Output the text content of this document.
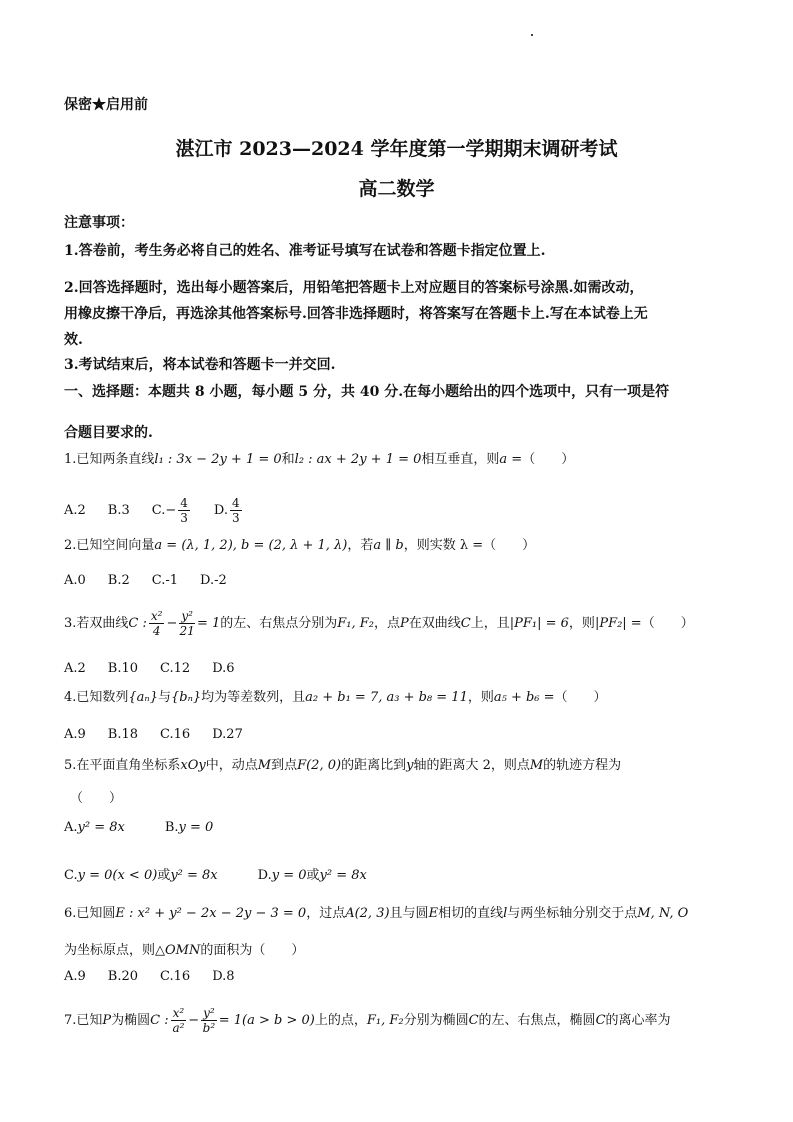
保密★启用前
湛江市 2023—2024 学年度第一学期期末调研考试
高二数学
注意事项：
1.答卷前，考生务必将自己的姓名、准考证号填写在试卷和答题卡指定位置上.
2.回答选择题时，选出每小题答案后，用铅笔把答题卡上对应题目的答案标号涂黑.如需改动，
用橡皮擦干净后，再选涂其他答案标号.回答非选择题时，将答案写在答题卡上.写在本试卷上无
效.
3.考试结束后，将本试卷和答题卡一并交回.
一、选择题：本题共 8 小题，每小题 5 分，共 40 分.在每小题给出的四个选项中，只有一项是符
合题目要求的.
1.已知两条直线l₁ : 3x − 2y + 1 = 0和l₂ : ax + 2y + 1 = 0相互垂直，则a =（　　）
A.2 B.3 $C.- \frac{4}{3} D$. $\frac{4}{3}$
2.已知空间向量a = (λ, 1, 2), b = (2, λ + 1, λ)，若a ∥ b，则实数 λ =（　　）
A.0 B.2 C.-1 D.-2
3.若双曲线C : $\frac{\text{x²}}{4} - \frac{\text{y²}}{21} = 1$的左、右焦点分别为F₁, F₂，点P在双曲线C上，且|PF₁| = 6，则|PF₂| =（　　）
A.2 B.10 C.12 D.6
4.已知数列{aₙ}与{bₙ}均为等差数列，且a₂ + b₁ = 7, a₃ + b₈ = 11，则a₅ + b₆ =（　　）
A.9 B.18 C.16 D.27
5.在平面直角坐标系xOy中，动点M到点F(2, 0)的距离比到y轴的距离大 2，则点M的轨迹方程为
（　　）
A.y² = 8x	B.y = 0
C.y = 0(x < 0)或y² = 8x	D.y = 0或y² = 8x
6.已知圆E : x² + y² − 2x − 2y − 3 = 0，过点A(2, 3)且与圆E相切的直线l与两坐标轴分别交于点M, N, O
为坐标原点，则△OMN的面积为（　　）
A.9 B.20 C.16 D.8
7.已知P为椭圆C : $\frac{\text{x²}}{\text{a²}} - \frac{\text{y²}}{\text{b²}} = 1(a > b > 0)$上的点，F₁, F₂分别为椭圆C的左、右焦点，椭圆C的离心率为
